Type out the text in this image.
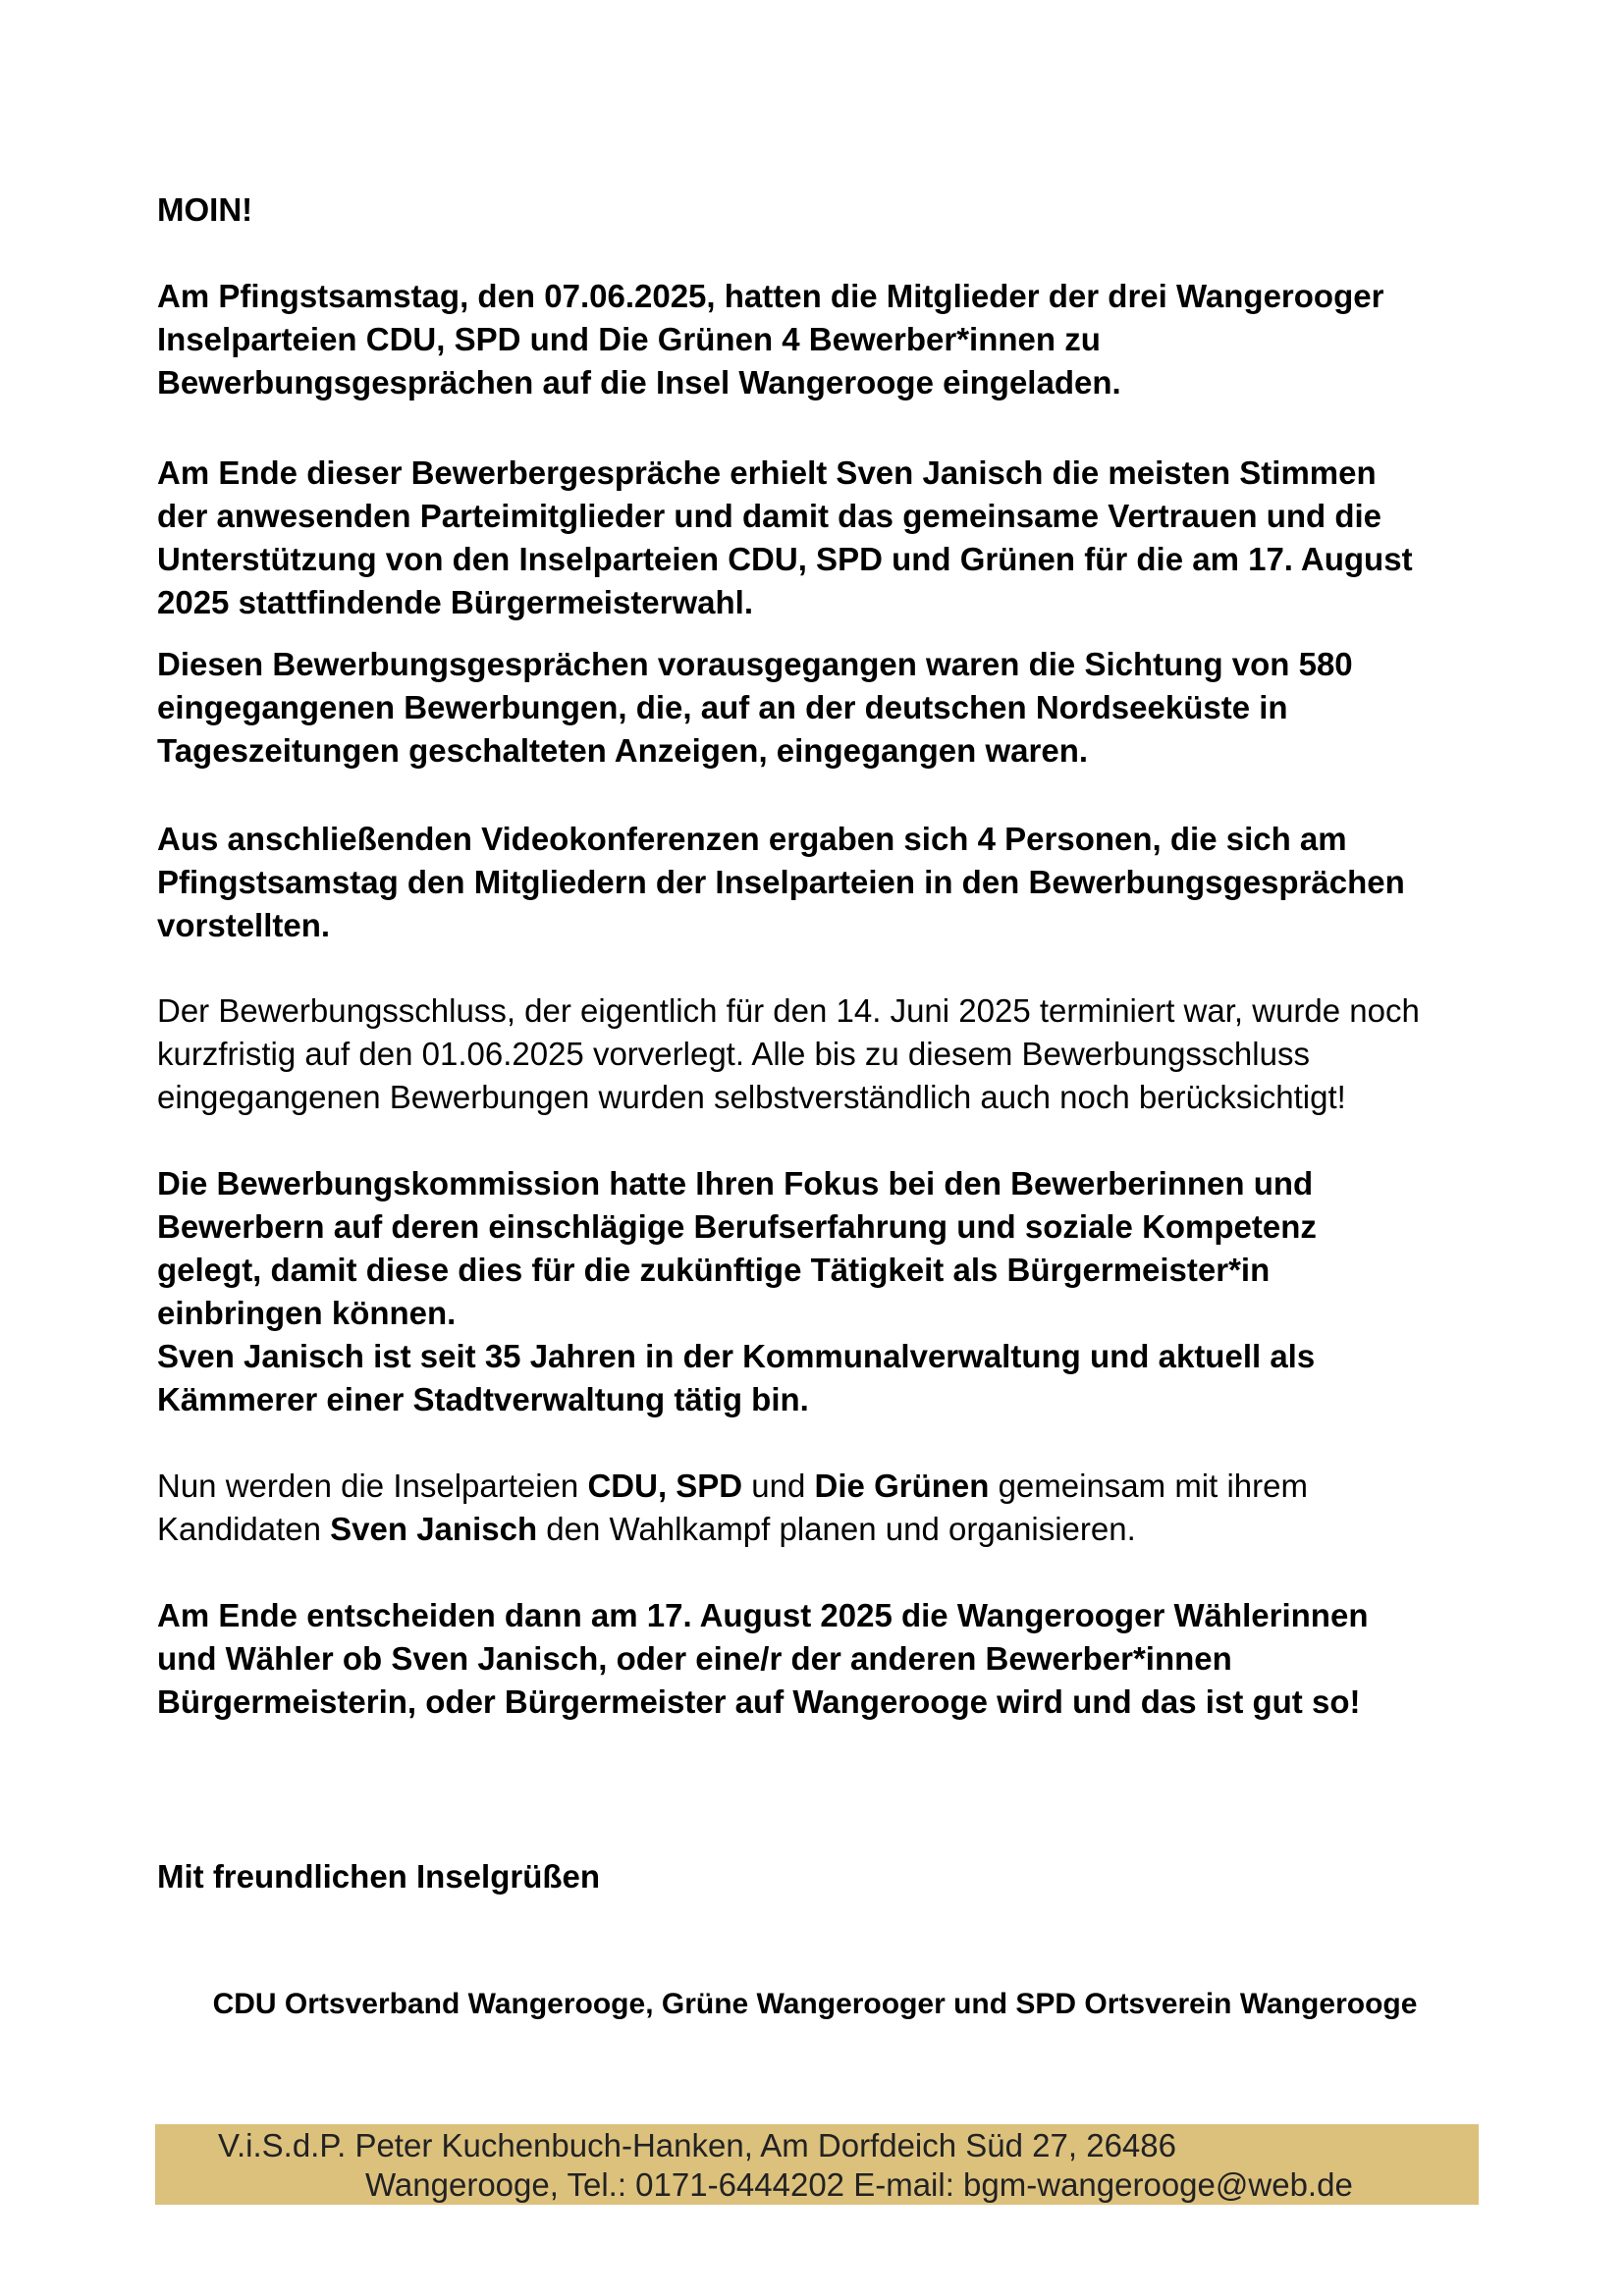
MOIN!

Am Pfingstsamstag, den 07.06.2025, hatten die Mitglieder der drei Wangerooger
Inselparteien CDU, SPD und Die Grünen 4 Bewerber*innen zu
Bewerbungsgesprächen auf die Insel Wangerooge eingeladen.

Am Ende dieser Bewerbergespräche erhielt Sven Janisch die meisten Stimmen
der anwesenden Parteimitglieder und damit das gemeinsame Vertrauen und die
Unterstützung von den Inselparteien CDU, SPD und Grünen für die am 17. August
2025 stattfindende Bürgermeisterwahl.

Diesen Bewerbungsgesprächen vorausgegangen waren die Sichtung von 580
eingegangenen Bewerbungen, die, auf an der deutschen Nordseeküste in
Tageszeitungen geschalteten Anzeigen, eingegangen waren.

Aus anschließenden Videokonferenzen ergaben sich 4 Personen, die sich am
Pfingstsamstag den Mitgliedern der Inselparteien in den Bewerbungsgesprächen
vorstellten.

Der Bewerbungsschluss, der eigentlich für den 14. Juni 2025 terminiert war, wurde noch
kurzfristig auf den 01.06.2025 vorverlegt. Alle bis zu diesem Bewerbungsschluss
eingegangenen Bewerbungen wurden selbstverständlich auch noch berücksichtigt!

Die Bewerbungskommission hatte Ihren Fokus bei den Bewerberinnen und
Bewerbern auf deren einschlägige Berufserfahrung und soziale Kompetenz
gelegt, damit diese dies für die zukünftige Tätigkeit als Bürgermeister*in
einbringen können.
Sven Janisch ist seit 35 Jahren in der Kommunalverwaltung und aktuell als
Kämmerer einer Stadtverwaltung tätig bin.

Nun werden die Inselparteien CDU, SPD und Die Grünen gemeinsam mit ihrem
Kandidaten Sven Janisch den Wahlkampf planen und organisieren.

Am Ende entscheiden dann am 17. August 2025 die Wangerooger Wählerinnen
und Wähler ob Sven Janisch, oder eine/r der anderen Bewerber*innen
Bürgermeisterin, oder Bürgermeister auf Wangerooge wird und das ist gut so!

Mit freundlichen Inselgrüßen

CDU Ortsverband Wangerooge, Grüne Wangerooger und SPD Ortsverein Wangerooge

V.i.S.d.P. Peter Kuchenbuch-Hanken, Am Dorfdeich Süd 27, 26486
Wangerooge, Tel.: 0171-6444202 E-mail: bgm-wangerooge@web.de
